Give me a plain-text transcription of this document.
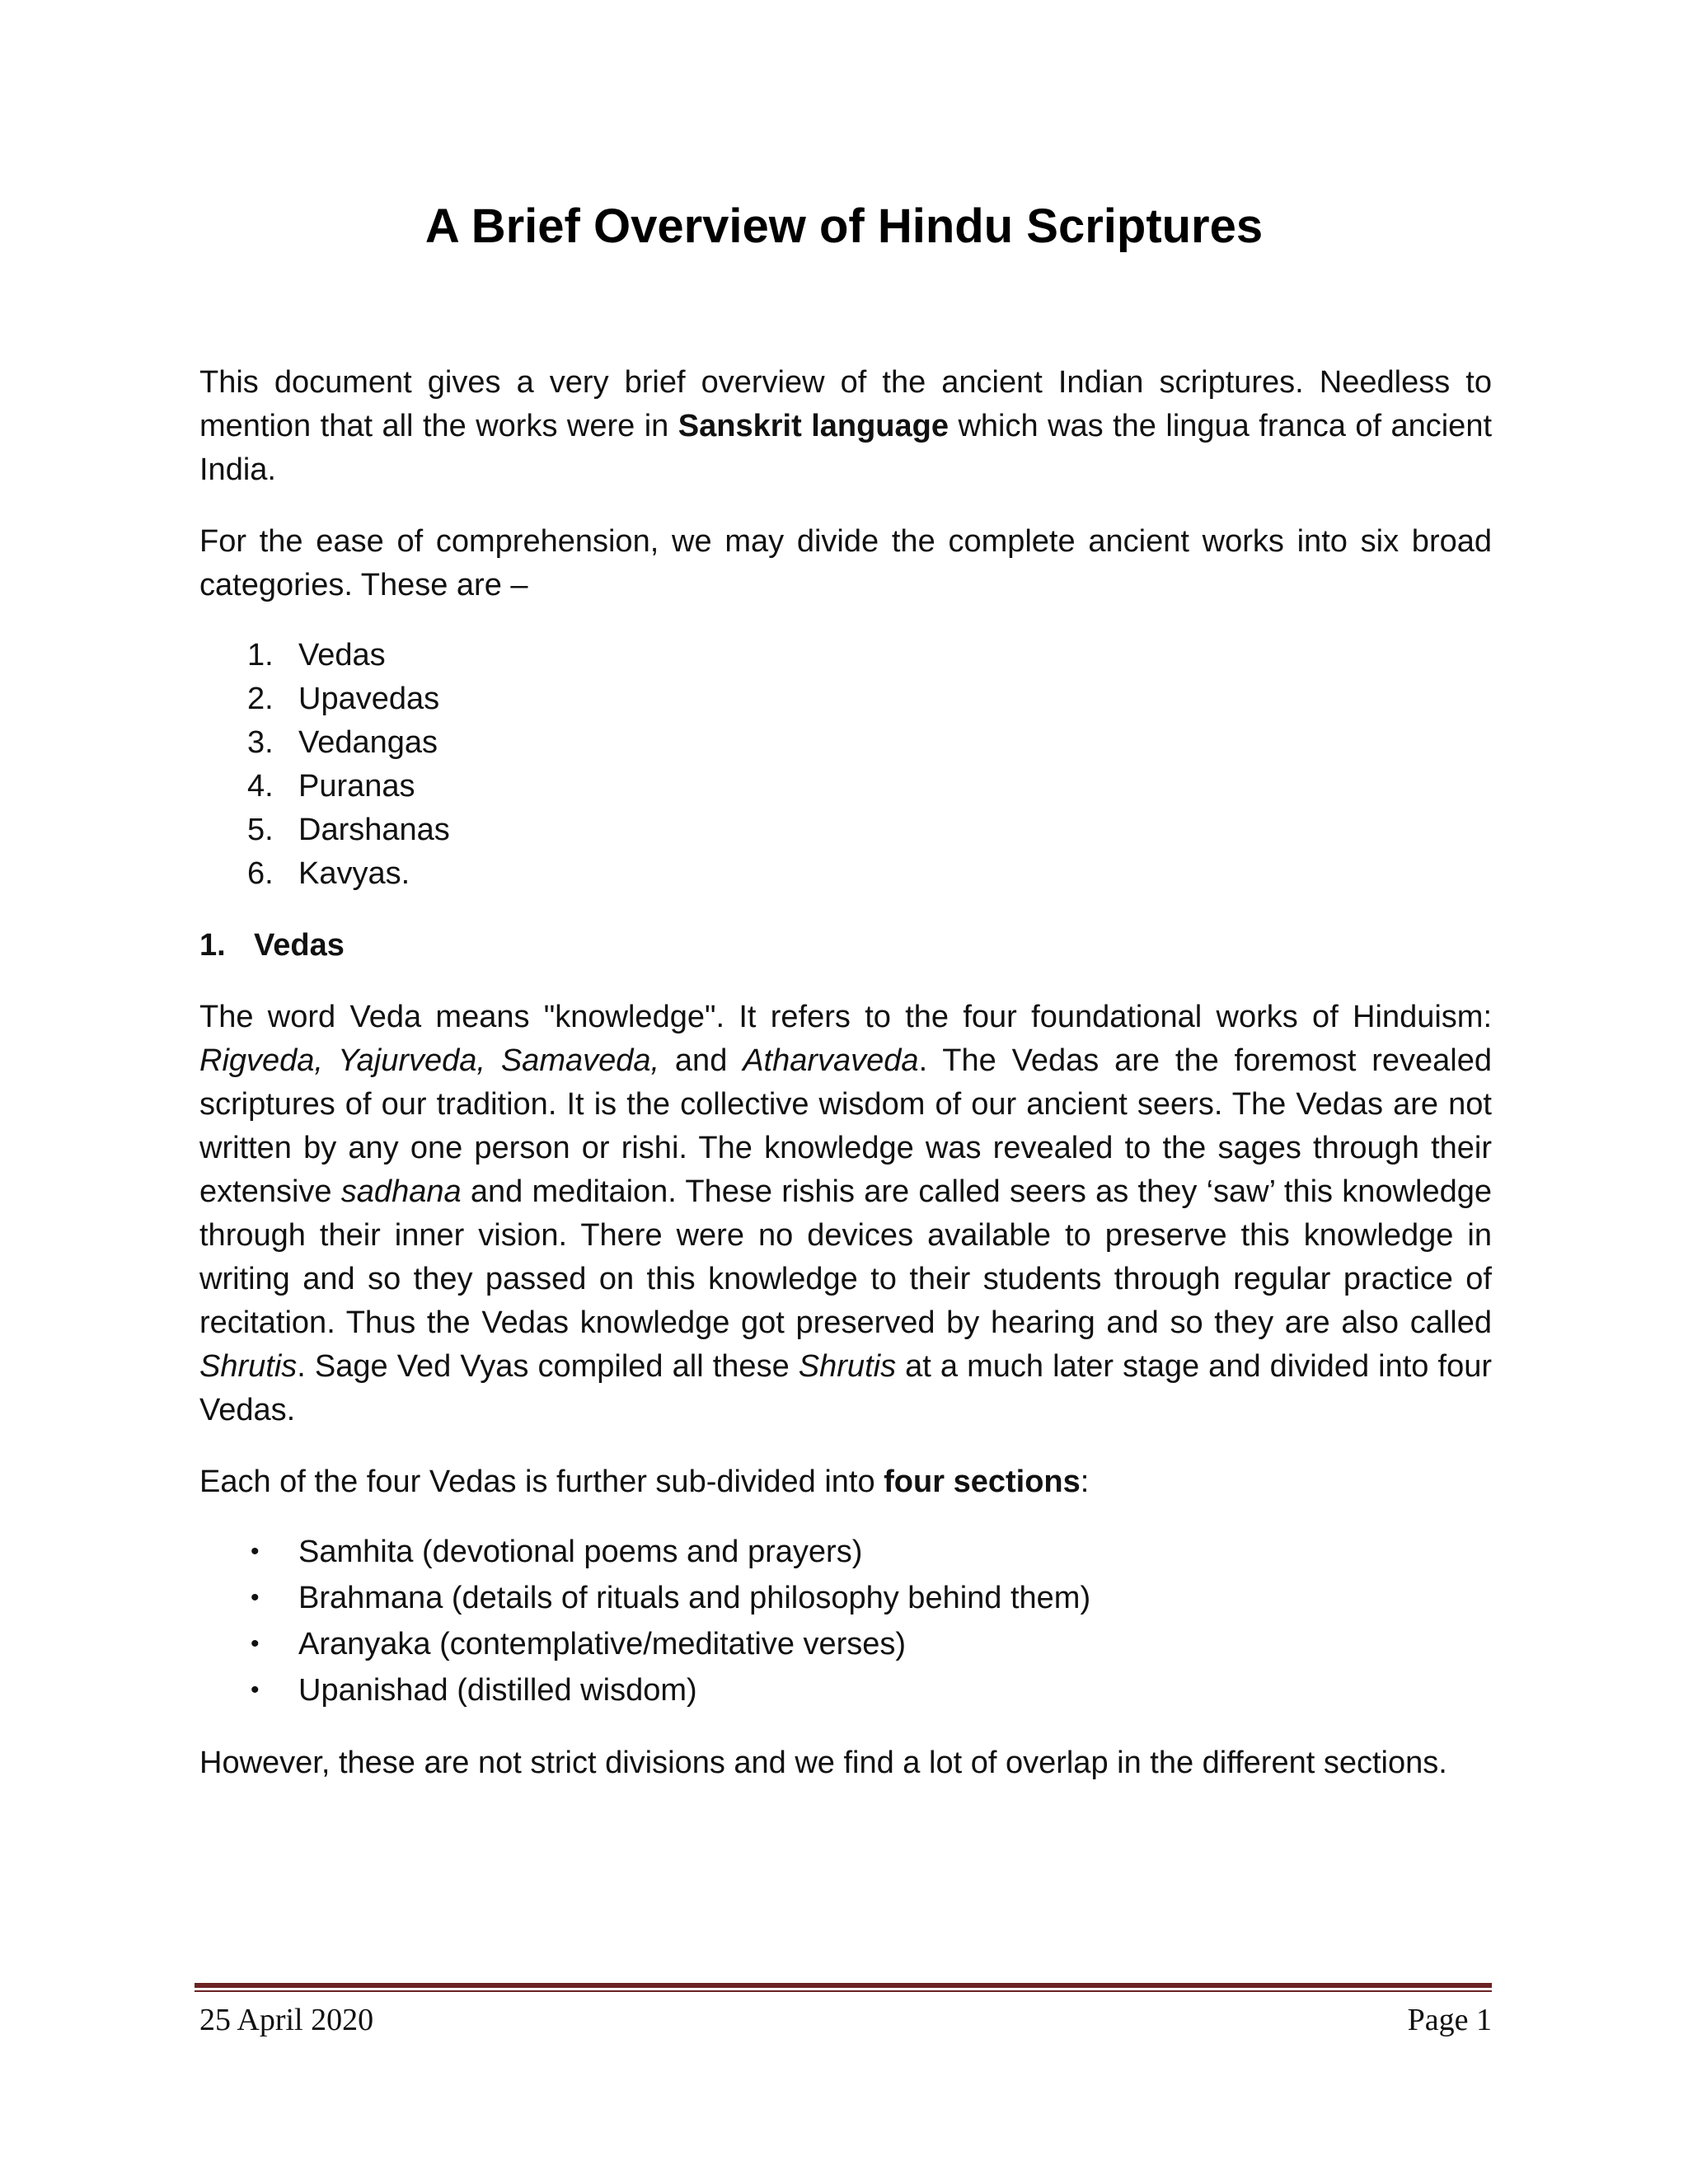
A Brief Overview of Hindu Scriptures

This document gives a very brief overview of the ancient Indian scriptures. Needless to mention that all the works were in Sanskrit language which was the lingua franca of ancient India.

For the ease of comprehension, we may divide the complete ancient works into six broad categories. These are –

1. Vedas
2. Upavedas
3. Vedangas
4. Puranas
5. Darshanas
6. Kavyas.
1. Vedas

The word Veda means "knowledge". It refers to the four foundational works of Hinduism: Rigveda, Yajurveda, Samaveda, and Atharvaveda. The Vedas are the foremost revealed scriptures of our tradition. It is the collective wisdom of our ancient seers. The Vedas are not written by any one person or rishi. The knowledge was revealed to the sages through their extensive sadhana and meditaion. These rishis are called seers as they ‘saw’ this knowledge through their inner vision. There were no devices available to preserve this knowledge in writing and so they passed on this knowledge to their students through regular practice of recitation. Thus the Vedas knowledge got preserved by hearing and so they are also called Shrutis. Sage Ved Vyas compiled all these Shrutis at a much later stage and divided into four Vedas.

Each of the four Vedas is further sub-divided into four sections:

• Samhita (devotional poems and prayers)
• Brahmana (details of rituals and philosophy behind them)
• Aranyaka (contemplative/meditative verses)
• Upanishad (distilled wisdom)

However, these are not strict divisions and we find a lot of overlap in the different sections.

25 April 2020	Page 1
